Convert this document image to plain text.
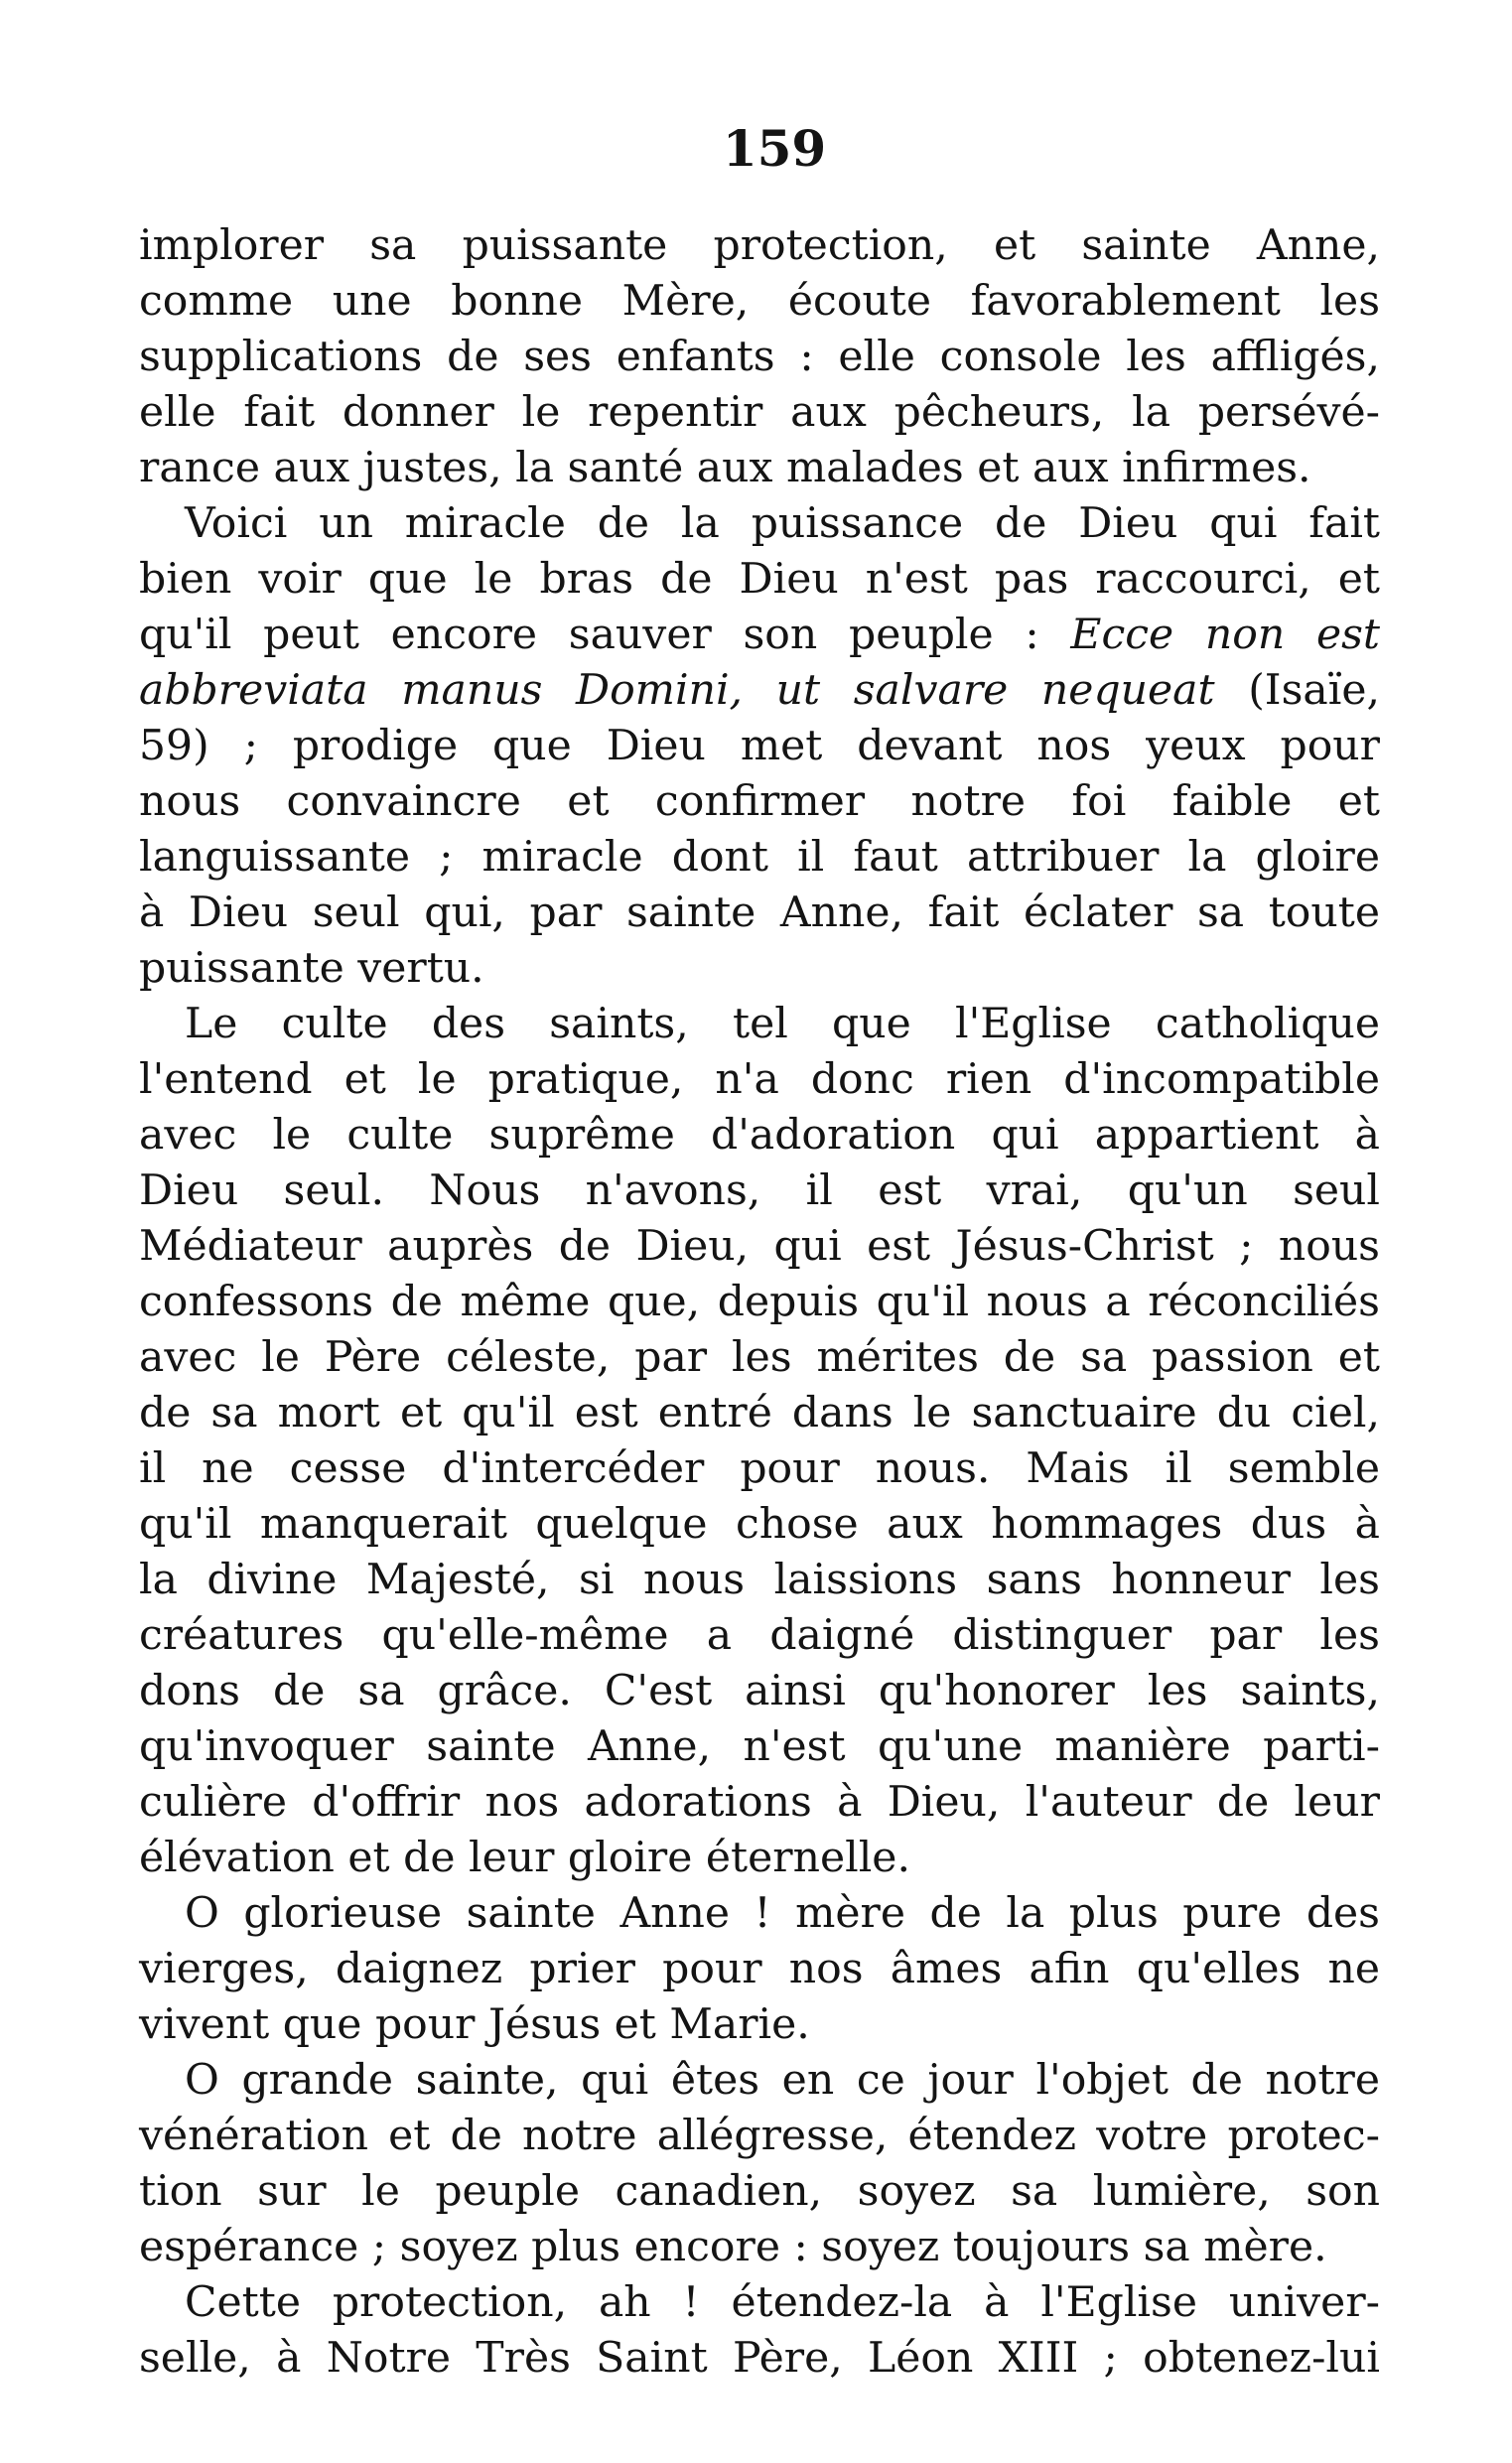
159
implorer sa puissante protection, et sainte Anne,
comme une bonne Mère, écoute favorablement les
supplications de ses enfants : elle console les affligés,
elle fait donner le repentir aux pêcheurs, la persévé-
rance aux justes, la santé aux malades et aux infirmes.
Voici un miracle de la puissance de Dieu qui fait
bien voir que le bras de Dieu n'est pas raccourci, et
qu'il peut encore sauver son peuple : Ecce non est
abbreviata manus Domini, ut salvare nequeat (Isaïe,
59) ; prodige que Dieu met devant nos yeux pour
nous convaincre et confirmer notre foi faible et
languissante ; miracle dont il faut attribuer la gloire
à Dieu seul qui, par sainte Anne, fait éclater sa toute
puissante vertu.
Le culte des saints, tel que l'Eglise catholique
l'entend et le pratique, n'a donc rien d'incompatible
avec le culte suprême d'adoration qui appartient à
Dieu seul. Nous n'avons, il est vrai, qu'un seul
Médiateur auprès de Dieu, qui est Jésus-Christ ; nous
confessons de même que, depuis qu'il nous a réconciliés
avec le Père céleste, par les mérites de sa passion et
de sa mort et qu'il est entré dans le sanctuaire du ciel,
il ne cesse d'intercéder pour nous. Mais il semble
qu'il manquerait quelque chose aux hommages dus à
la divine Majesté, si nous laissions sans honneur les
créatures qu'elle-même a daigné distinguer par les
dons de sa grâce. C'est ainsi qu'honorer les saints,
qu'invoquer sainte Anne, n'est qu'une manière parti-
culière d'offrir nos adorations à Dieu, l'auteur de leur
élévation et de leur gloire éternelle.
O glorieuse sainte Anne ! mère de la plus pure des
vierges, daignez prier pour nos âmes afin qu'elles ne
vivent que pour Jésus et Marie.
O grande sainte, qui êtes en ce jour l'objet de notre
vénération et de notre allégresse, étendez votre protec-
tion sur le peuple canadien, soyez sa lumière, son
espérance ; soyez plus encore : soyez toujours sa mère.
Cette protection, ah ! étendez-la à l'Eglise univer-
selle, à Notre Très Saint Père, Léon XIII ; obtenez-lui
